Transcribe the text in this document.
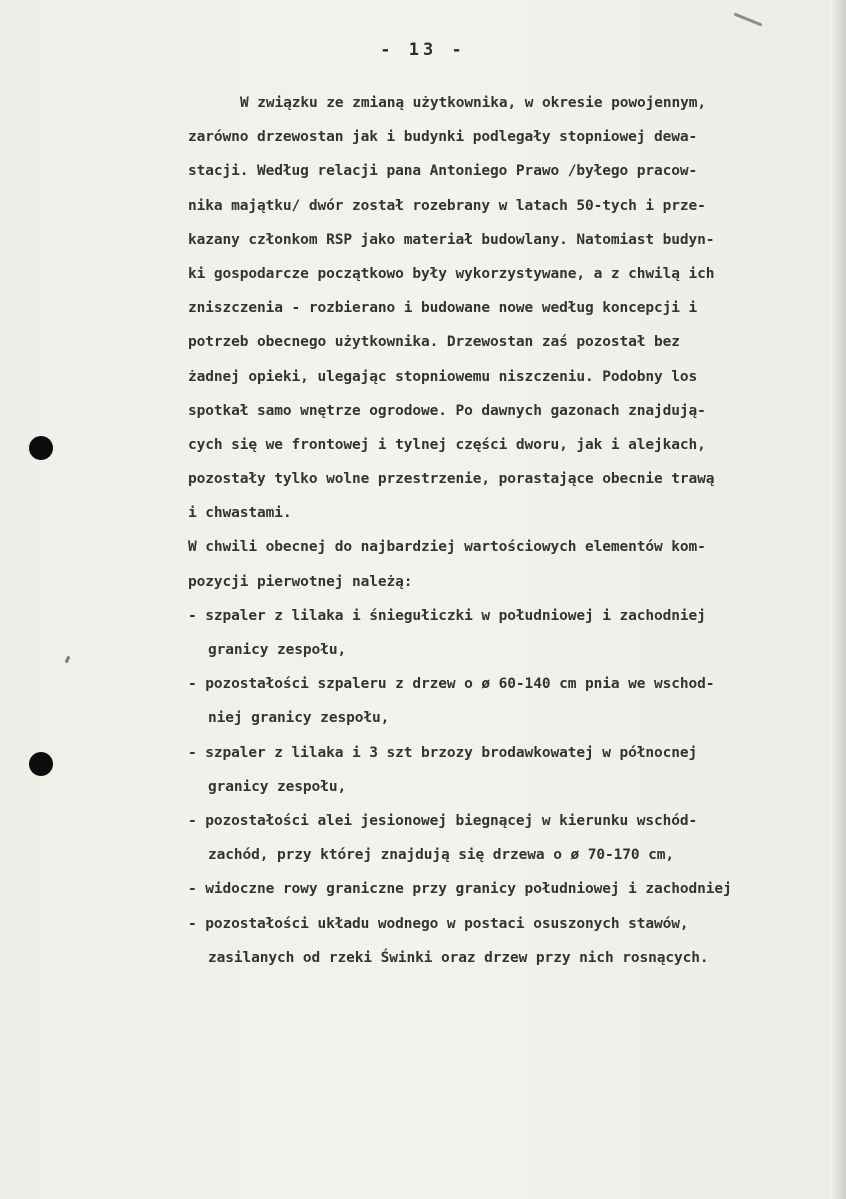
- 13 -
W związku ze zmianą użytkownika, w okresie powojennym,
zarówno drzewostan jak i budynki podlegały stopniowej dewa-
stacji. Według relacji pana Antoniego Prawo /byłego pracow-
nika majątku/ dwór został rozebrany w latach 50-tych i prze-
kazany członkom RSP jako materiał budowlany. Natomiast budyn-
ki gospodarcze początkowo były wykorzystywane, a z chwilą ich
zniszczenia - rozbierano i budowane nowe według koncepcji i
potrzeb obecnego użytkownika. Drzewostan zaś pozostał bez
żadnej opieki, ulegając stopniowemu niszczeniu. Podobny los
spotkał samo wnętrze ogrodowe. Po dawnych gazonach znajdują-
cych się we frontowej i tylnej części dworu, jak i alejkach,
pozostały tylko wolne przestrzenie, porastające obecnie trawą
i chwastami.
W chwili obecnej do najbardziej wartościowych elementów kom-
pozycji pierwotnej należą:
- szpaler z lilaka i śniegułiczki w południowej i zachodniej
granicy zespołu,
- pozostałości szpaleru z drzew o ø 60-140 cm pnia we wschod-
niej granicy zespołu,
- szpaler z lilaka i 3 szt brzozy brodawkowatej w północnej
granicy zespołu,
- pozostałości alei jesionowej biegnącej w kierunku wschód-
zachód, przy której znajdują się drzewa o ø 70-170 cm,
- widoczne rowy graniczne przy granicy południowej i zachodniej
- pozostałości układu wodnego w postaci osuszonych stawów,
zasilanych od rzeki Świnki oraz drzew przy nich rosnących.
